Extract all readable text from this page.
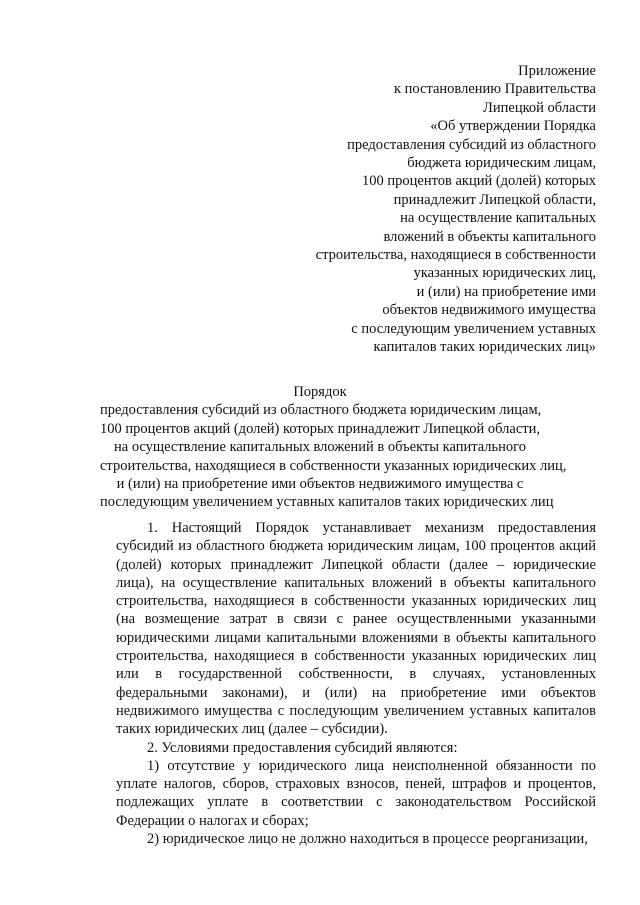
Приложение
к постановлению Правительства
Липецкой области
«Об утверждении Порядка
предоставления субсидий из областного
бюджета юридическим лицам,
100 процентов акций (долей) которых
принадлежит Липецкой области,
на осуществление капитальных
вложений в объекты капитального
строительства, находящиеся в собственности
указанных юридических лиц,
и (или) на приобретение ими
объектов недвижимого имущества
с последующим увеличением уставных
капиталов таких юридических лиц»
Порядок
предоставления субсидий из областного бюджета юридическим лицам,
100 процентов акций (долей) которых принадлежит Липецкой области,
на осуществление капитальных вложений в объекты капитального
строительства, находящиеся в собственности указанных юридических лиц,
и (или) на приобретение ими объектов недвижимого имущества с
последующим увеличением уставных капиталов таких юридических лиц

1. Настоящий Порядок устанавливает механизм предоставления субсидий из областного бюджета юридическим лицам, 100 процентов акций (долей) которых принадлежит Липецкой области (далее – юридические лица), на осуществление капитальных вложений в объекты капитального строительства, находящиеся в собственности указанных юридических лиц (на возмещение затрат в связи с ранее осуществленными указанными юридическими лицами капитальными вложениями в объекты капитального строительства, находящиеся в собственности указанных юридических лиц или в государственной собственности, в случаях, установленных федеральными законами), и (или) на приобретение ими объектов недвижимого имущества с последующим увеличением уставных капиталов таких юридических лиц (далее – субсидии).

2. Условиями предоставления субсидий являются:

1) отсутствие у юридического лица неисполненной обязанности по уплате налогов, сборов, страховых взносов, пеней, штрафов и процентов, подлежащих уплате в соответствии с законодательством Российской Федерации о налогах и сборах;

2) юридическое лицо не должно находиться в процессе реорганизации,
